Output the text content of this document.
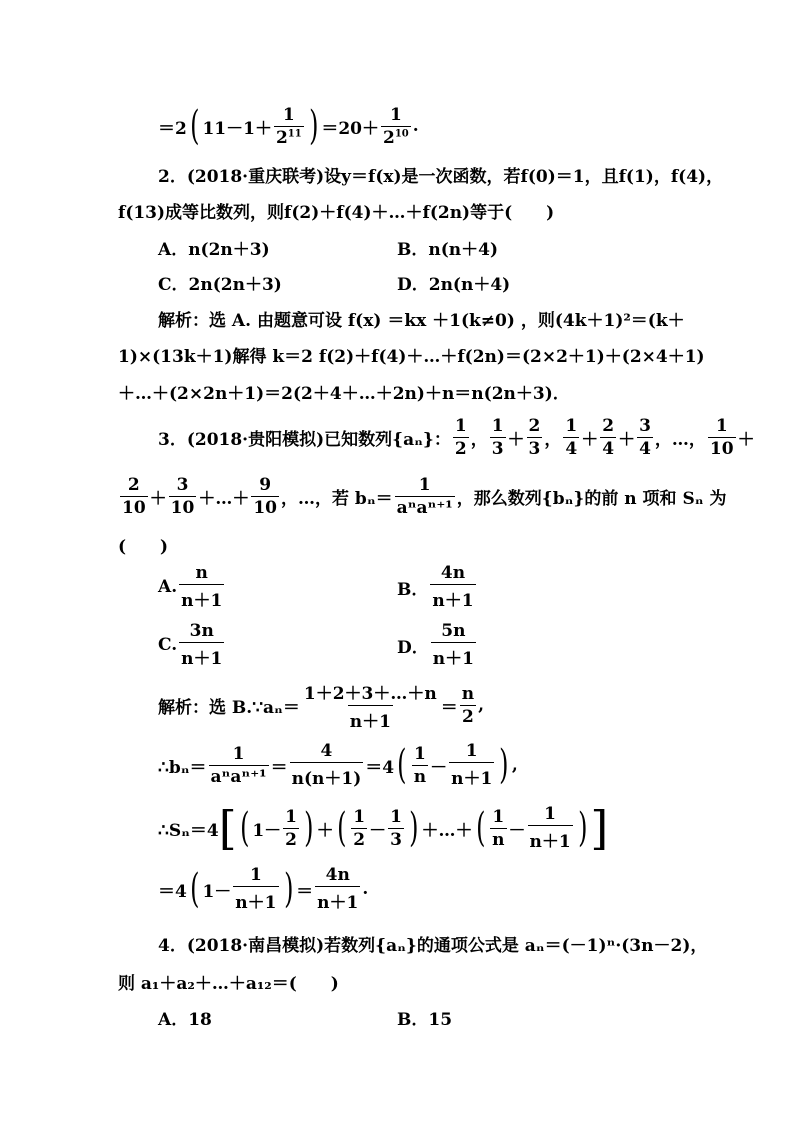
＝2 ( $11-1+ \frac{1}{2^{11}}$ ) $=20+ \frac{1}{2^{10}}$ .
2．(2018·重庆联考)设y＝f(x)是一次函数，若f(0)＝1，且f(1)，f(4)，
f(13)成等比数列，则f(2)＋f(4)＋…＋f(2n)等于(　　)
A．n(2n＋3)	B．n(n＋4)
C．2n(2n＋3)	D．2n(n＋4)
解析：选 A. 由题意可设 f(x) ＝kx ＋1(k≠0) ，则(4k＋1)²＝(k＋
1)×(13k＋1)解得 k＝2 f(2)＋f(4)＋…＋f(2n)＝(2×2＋1)＋(2×4＋1)
＋…＋(2×2n＋1)＝2(2＋4＋…＋2n)＋n＝n(2n＋3)．
3．(2018·贵阳模拟)已知数列{aₙ}： $\frac{1}{2}$ ， $\frac{1}{3} + \frac{2}{3}$ ， $\frac{1}{4} + \frac{2}{4} + \frac{3}{4}$ ，…， $\frac{1}{10}$ ＋
$\frac{2}{10} + \frac{3}{10}$ ＋…＋ $\frac{9}{10}$ ，…，若 $b_n= \frac{1}{\text{aⁿaⁿ⁺¹}}$ ，那么数列{bₙ}的前 n 项和 Sₙ 为
(　　)
A. $\frac{n}{n+1}$	B． $\frac{4n}{n+1}$
C. $\frac{3n}{n+1}$	D． $\frac{5n}{n+1}$
解析：选 B.∵aₙ＝ $\frac{1+2+3+\dots+n}{n+1} = \frac{n}{2}$ ,
∴bₙ＝ $\frac{1}{\text{aⁿaⁿ⁺¹}} = \frac{4}{n(n+1)} =4$ ( $\frac{1}{n} - \frac{1}{n+1}$ ) ,
∴Sₙ＝4 [ ( $1- \frac{1}{2}$ ) ＋ ( $\frac{1}{2} - \frac{1}{3}$ ) ＋…＋ ( $\frac{1}{n} - \frac{1}{n+1}$ ) ]
＝4 ( $1- \frac{1}{n+1}$ ) ＝ $\frac{4n}{n+1}$ .
4．(2018·南昌模拟)若数列{aₙ}的通项公式是 aₙ＝(－1)ⁿ·(3n－2)，
则 a₁＋a₂＋…＋a₁₂＝(　　)
A．18	B．15
